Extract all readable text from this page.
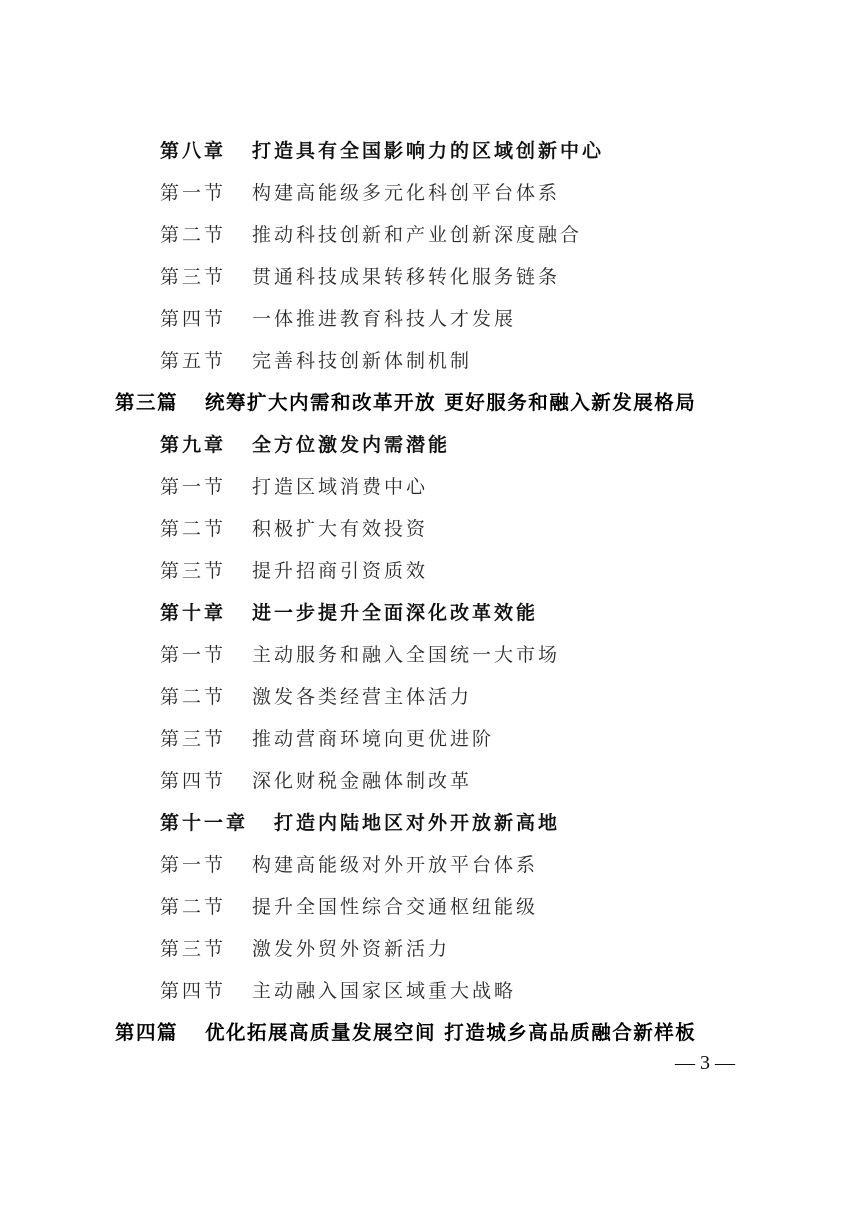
第八章 打造具有全国影响力的区域创新中心
第一节 构建高能级多元化科创平台体系
第二节 推动科技创新和产业创新深度融合
第三节 贯通科技成果转移转化服务链条
第四节 一体推进教育科技人才发展
第五节 完善科技创新体制机制
第三篇 统筹扩大内需和改革开放 更好服务和融入新发展格局
第九章 全方位激发内需潜能
第一节 打造区域消费中心
第二节 积极扩大有效投资
第三节 提升招商引资质效
第十章 进一步提升全面深化改革效能
第一节 主动服务和融入全国统一大市场
第二节 激发各类经营主体活力
第三节 推动营商环境向更优进阶
第四节 深化财税金融体制改革
第十一章 打造内陆地区对外开放新高地
第一节 构建高能级对外开放平台体系
第二节 提升全国性综合交通枢纽能级
第三节 激发外贸外资新活力
第四节 主动融入国家区域重大战略
第四篇 优化拓展高质量发展空间 打造城乡高品质融合新样板
— 3 —
